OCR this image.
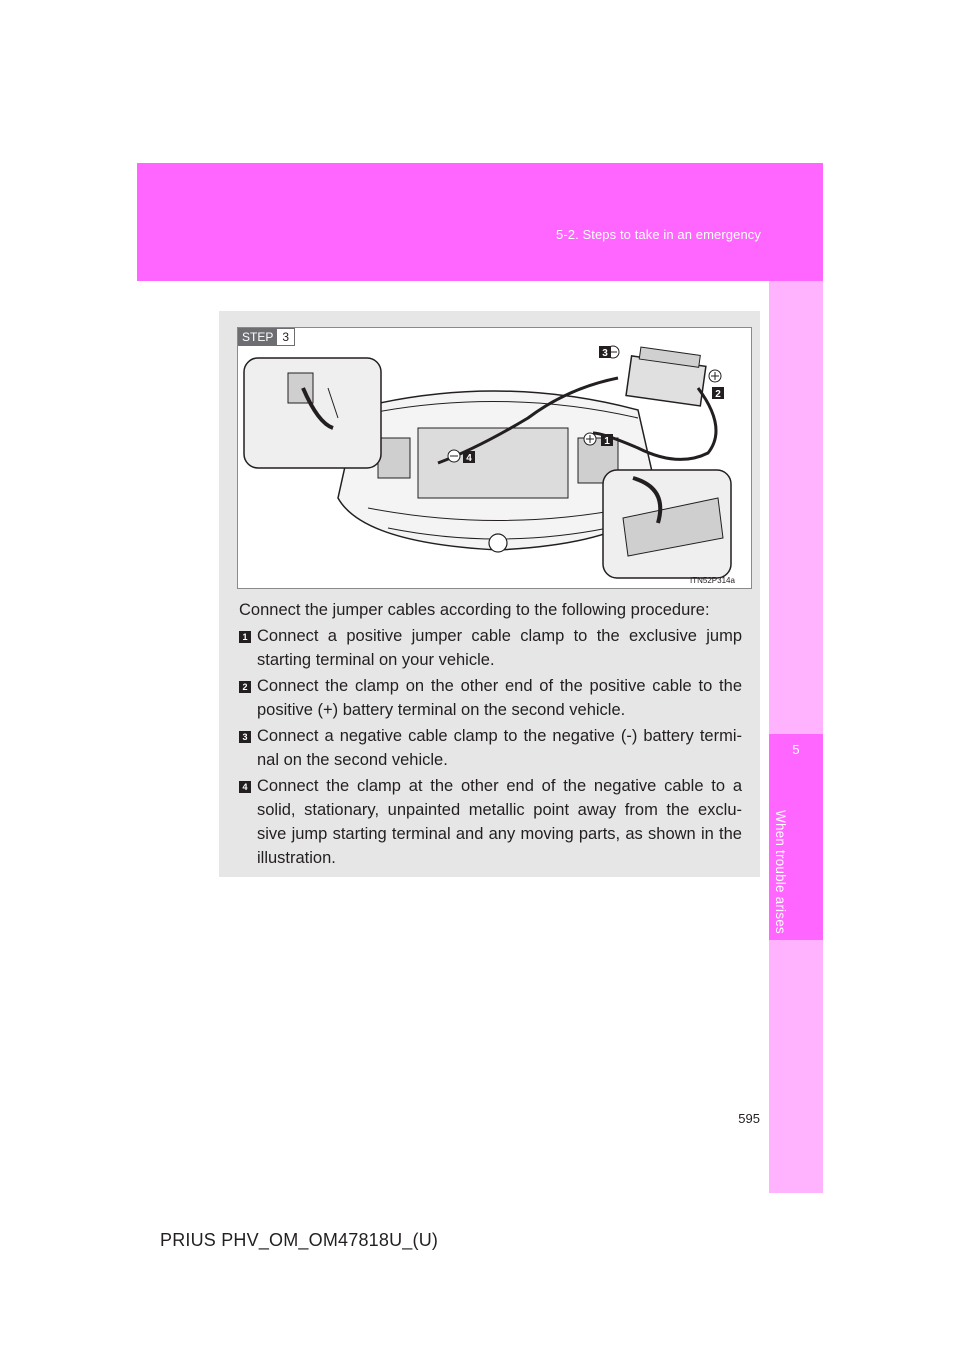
5-2. Steps to take in an emergency
5
When trouble arises
3
2
1
4
STEP 3
ITN52P314a
Connect the jumper cables according to the following procedure:
1 Connect a positive jumper cable clamp to the exclusive jump starting terminal on your vehicle.
2 Connect the clamp on the other end of the positive cable to the positive (+) battery terminal on the second vehicle.
3 Connect a negative cable clamp to the negative (-) battery termi- nal on the second vehicle.
4 Connect the clamp at the other end of the negative cable to a solid, stationary, unpainted metallic point away from the exclu- sive jump starting terminal and any moving parts, as shown in the illustration.
595
PRIUS PHV_OM_OM47818U_(U)
